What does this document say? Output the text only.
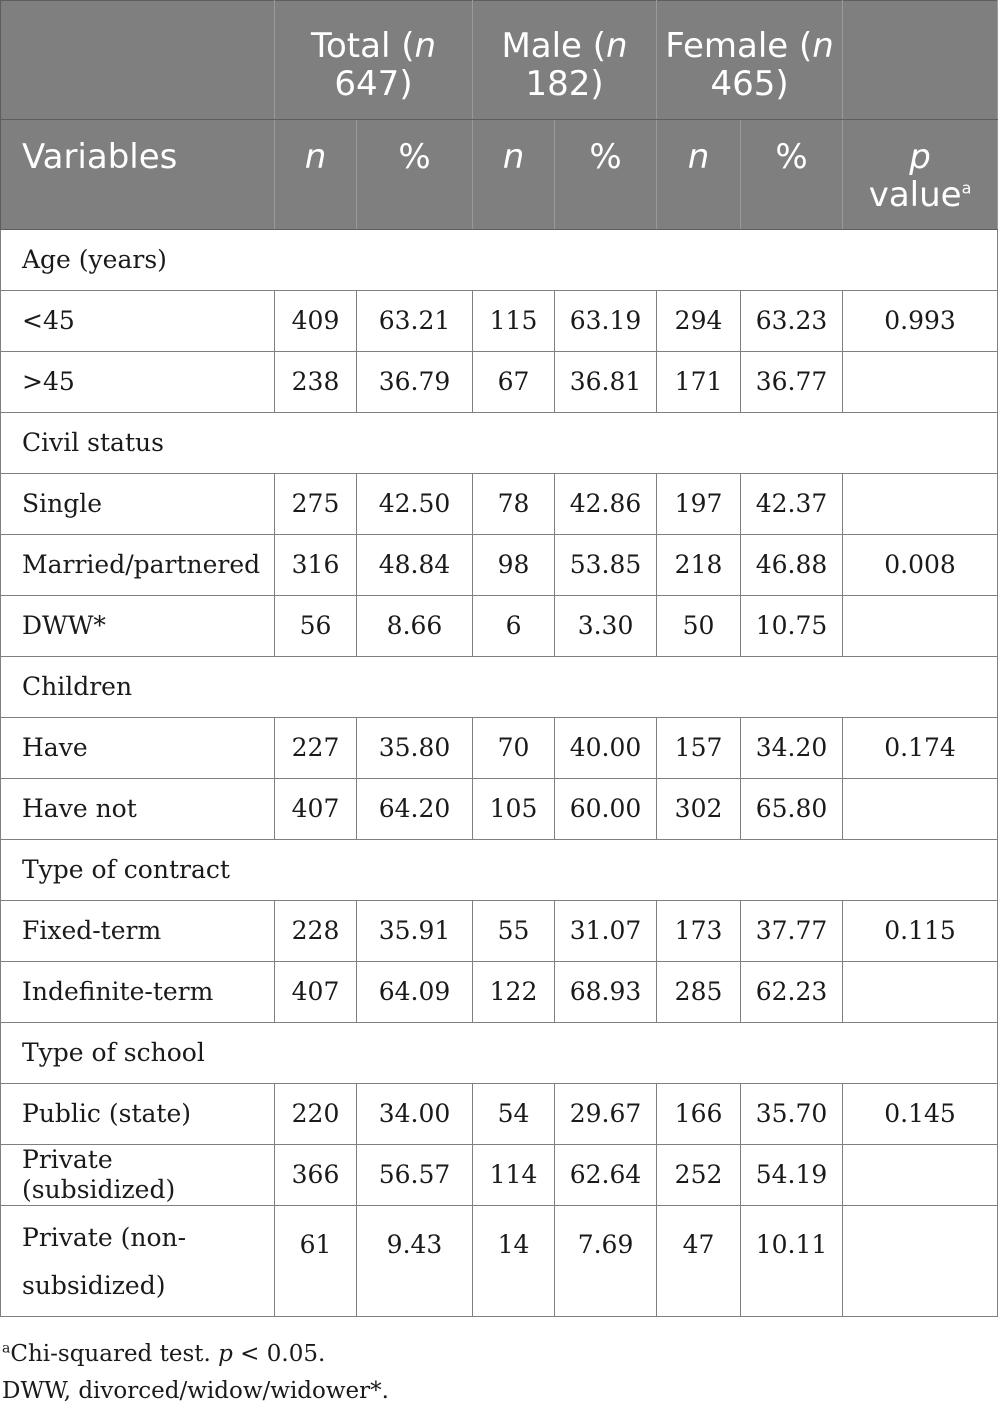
	Total (n 647)		Male (n 182)		Female (n 465)		
Variables	n	%	n	%	n	%	p
value$^a$
Age (years)							
<45	409	63.21	115	63.19	294	63.23	0.993
>45	238	36.79	67	36.81	171	36.77	
Civil status							
Single	275	42.50	78	42.86	197	42.37	
Married/partnered	316	48.84	98	53.85	218	46.88	0.008
DWW*	56	8.66	6	3.30	50	10.75	
Children							
Have	227	35.80	70	40.00	157	34.20	0.174
Have not	407	64.20	105	60.00	302	65.80	
Type of contract							
Fixed-term	228	35.91	55	31.07	173	37.77	0.115
Indefinite-term	407	64.09	122	68.93	285	62.23	
Type of school							
Public (state)	220	34.00	54	29.67	166	35.70	0.145
Private (subsidized)	366	56.57	114	62.64	252	54.19	
Private (non-subsidized)	61	9.43	14	7.69	47	10.11	
$^a$Chi-squared test. p < 0.05.
DWW, divorced/widow/widower*.
